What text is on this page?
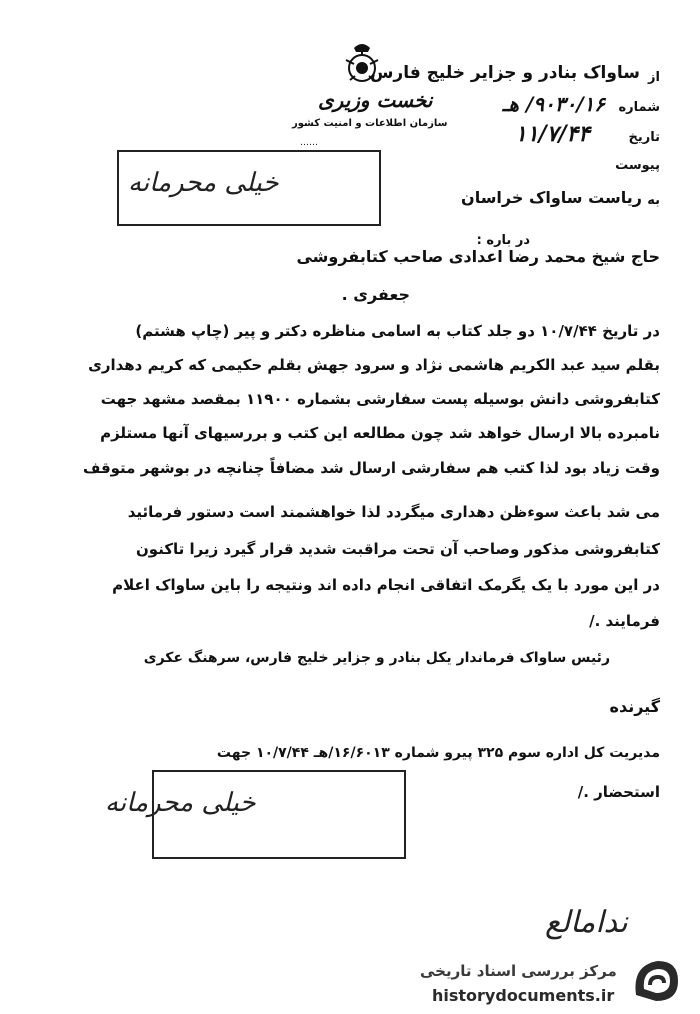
از
ساواک بنادر و جزایر خلیج فارس
شماره
۹۰۳۰/۱۶/ هـ
تاریخ
۱۱/۷/۴۴
پیوست
به
ریاست ساواک خراسان
در باره :
نخست وزیری
سازمان اطلاعات و امنیت کشور
……
خیلی محرمانه
حاج شیخ محمد رضا اعدادی صاحب کتابفروشی
جعفری .
در تاریخ ۱۰/۷/۴۴ دو جلد کتاب به اسامی مناظره دکتر و پیر (چاپ هشتم)
بقلم سید عبد الکریم هاشمی نژاد و سرود جهش بقلم حکیمی که کریم دهداری
کتابفروشی دانش بوسیله پست سفارشی بشماره ۱۱۹۰۰ بمقصد مشهد جهت
نامبرده بالا ارسال خواهد شد چون مطالعه این کتب و بررسیهای آنها مستلزم
وقت زیاد بود لذا کتب هم سفارشی ارسال شد مضافاً چنانچه در بوشهر متوقف
می شد باعث سوءظن دهداری میگردد لذا خواهشمند است دستور فرمائید
کتابفروشی مذکور وصاحب آن تحت مراقبت شدید قرار گیرد زیرا تاکنون
در این مورد با یک یگرمک اتفاقی انجام داده اند ونتیجه را باین ساواک اعلام
فرمایند ./
رئیس ساواک فرماندار یکل بنادر و جزایر خلیج فارس، سرهنگ عکری
گیرنده
مدیریت کل اداره سوم ۳۲۵ پیرو شماره ۱۶/۶۰۱۳/هـ ۱۰/۷/۴۴ جهت
استحضار ./
خیلی محرمانه
ندامالع
مرکز بررسی اسناد تاریخی
historydocuments.ir
